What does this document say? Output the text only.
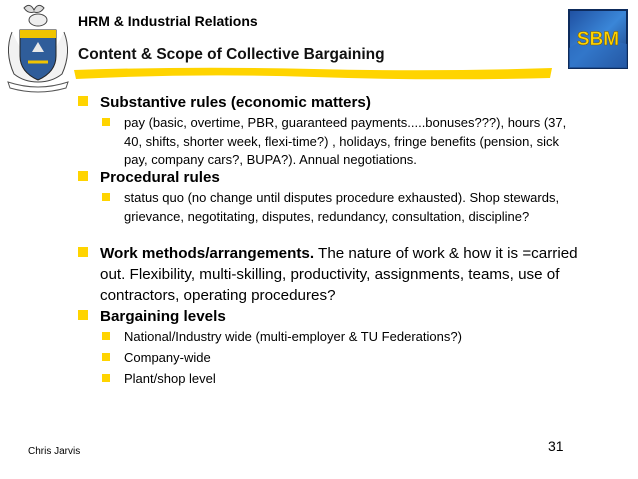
HRM & Industrial Relations
Content & Scope of Collective Bargaining
SBM
Substantive rules (economic matters)
pay (basic, overtime, PBR, guaranteed payments.....bonuses???), hours (37, 40, shifts, shorter week, flexi-time?) , holidays, fringe benefits (pension, sick pay, company cars?, BUPA?). Annual negotiations.
Procedural rules
status quo (no change until disputes procedure exhausted). Shop stewards, grievance, negotitating, disputes, redundancy, consultation, discipline?
Work methods/arrangements. The nature of work & how it is =carried out. Flexibility, multi-skilling, productivity, assignments, teams, use of contractors, operating procedures?
Bargaining levels
National/Industry wide (multi-employer & TU Federations?)
Company-wide
Plant/shop level
Chris Jarvis	31
